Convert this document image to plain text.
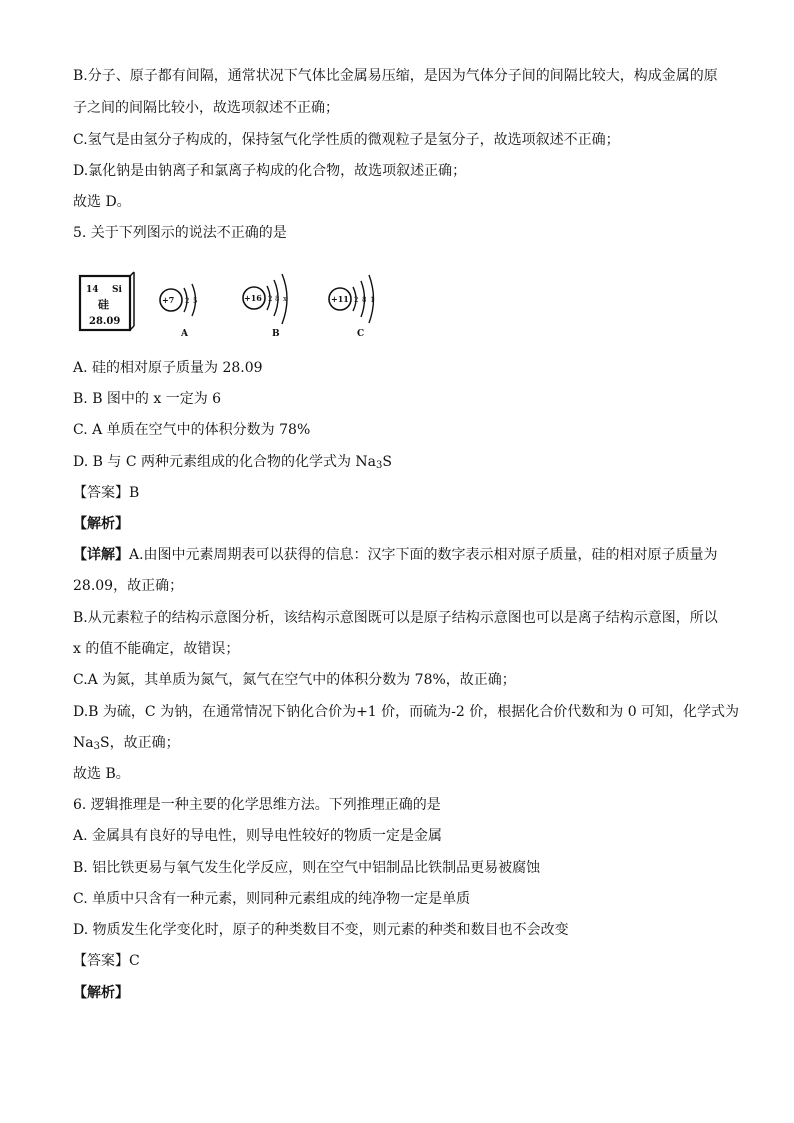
B.分子、原子都有间隔，通常状况下气体比金属易压缩，是因为气体分子间的间隔比较大，构成金属的原
子之间的间隔比较小，故选项叙述不正确；
C.氢气是由氢分子构成的，保持氢气化学性质的微观粒子是氢分子，故选项叙述不正确；
D.氯化钠是由钠离子和氯离子构成的化合物，故选项叙述正确；
故选 D。
5. 关于下列图示的说法不正确的是
14 Si
硅
28.09
+7 2 5
A
+16 2 8 x
B
+11 2 8 1
C
A. 硅的相对原子质量为 28.09
B. B 图中的 x 一定为 6
C. A 单质在空气中的体积分数为 78%
D. B 与 C 两种元素组成的化合物的化学式为 $Na_3S$
【答案】B
【解析】
【详解】A.由图中元素周期表可以获得的信息：汉字下面的数字表示相对原子质量，硅的相对原子质量为
28.09，故正确；
B.从元素粒子的结构示意图分析，该结构示意图既可以是原子结构示意图也可以是离子结构示意图，所以
x 的值不能确定，故错误；
C.A 为氮，其单质为氮气，氮气在空气中的体积分数为 78%，故正确；
D.B 为硫，C 为钠，在通常情况下钠化合价为+1 价，而硫为-2 价，根据化合价代数和为 0 可知，化学式为
$Na_3S$，故正确；
故选 B。
6. 逻辑推理是一种主要的化学思维方法。下列推理正确的是
A. 金属具有良好的导电性，则导电性较好的物质一定是金属
B. 铝比铁更易与氧气发生化学反应，则在空气中铝制品比铁制品更易被腐蚀
C. 单质中只含有一种元素，则同种元素组成的纯净物一定是单质
D. 物质发生化学变化时，原子的种类数目不变，则元素的种类和数目也不会改变
【答案】C
【解析】
